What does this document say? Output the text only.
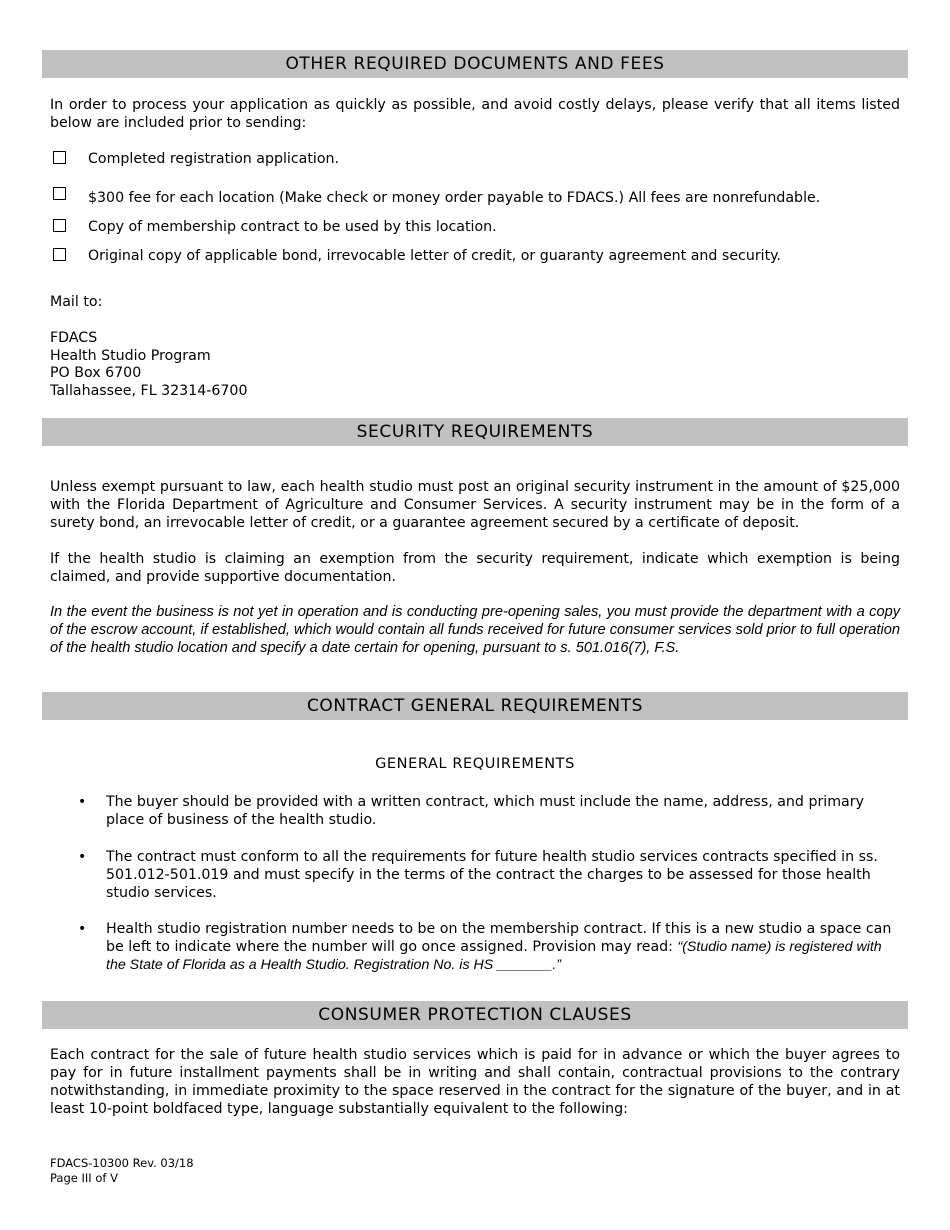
OTHER REQUIRED DOCUMENTS AND FEES
In order to process your application as quickly as possible, and avoid costly delays, please verify that all items listed below are included prior to sending:
Completed registration application.
$300 fee for each location (Make check or money order payable to FDACS.) All fees are nonrefundable.
Copy of membership contract to be used by this location.
Original copy of applicable bond, irrevocable letter of credit, or guaranty agreement and security.
Mail to:
FDACS
Health Studio Program
PO Box 6700
Tallahassee, FL 32314-6700
SECURITY REQUIREMENTS
Unless exempt pursuant to law, each health studio must post an original security instrument in the amount of $25,000 with the Florida Department of Agriculture and Consumer Services. A security instrument may be in the form of a surety bond, an irrevocable letter of credit, or a guarantee agreement secured by a certificate of deposit.
If the health studio is claiming an exemption from the security requirement, indicate which exemption is being claimed, and provide supportive documentation.
In the event the business is not yet in operation and is conducting pre-opening sales, you must provide the department with a copy of the escrow account, if established, which would contain all funds received for future consumer services sold prior to full operation of the health studio location and specify a date certain for opening, pursuant to s. 501.016(7), F.S.
CONTRACT GENERAL REQUIREMENTS
GENERAL REQUIREMENTS
• The buyer should be provided with a written contract, which must include the name, address, and primary place of business of the health studio.
• The contract must conform to all the requirements for future health studio services contracts specified in ss. 501.012-501.019 and must specify in the terms of the contract the charges to be assessed for those health studio services.
• Health studio registration number needs to be on the membership contract. If this is a new studio a space can be left to indicate where the number will go once assigned. Provision may read: “(Studio name) is registered with the State of Florida as a Health Studio. Registration No. is HS _______.”
CONSUMER PROTECTION CLAUSES
Each contract for the sale of future health studio services which is paid for in advance or which the buyer agrees to pay for in future installment payments shall be in writing and shall contain, contractual provisions to the contrary notwithstanding, in immediate proximity to the space reserved in the contract for the signature of the buyer, and in at least 10-point boldfaced type, language substantially equivalent to the following:
FDACS-10300 Rev. 03/18
Page III of V
